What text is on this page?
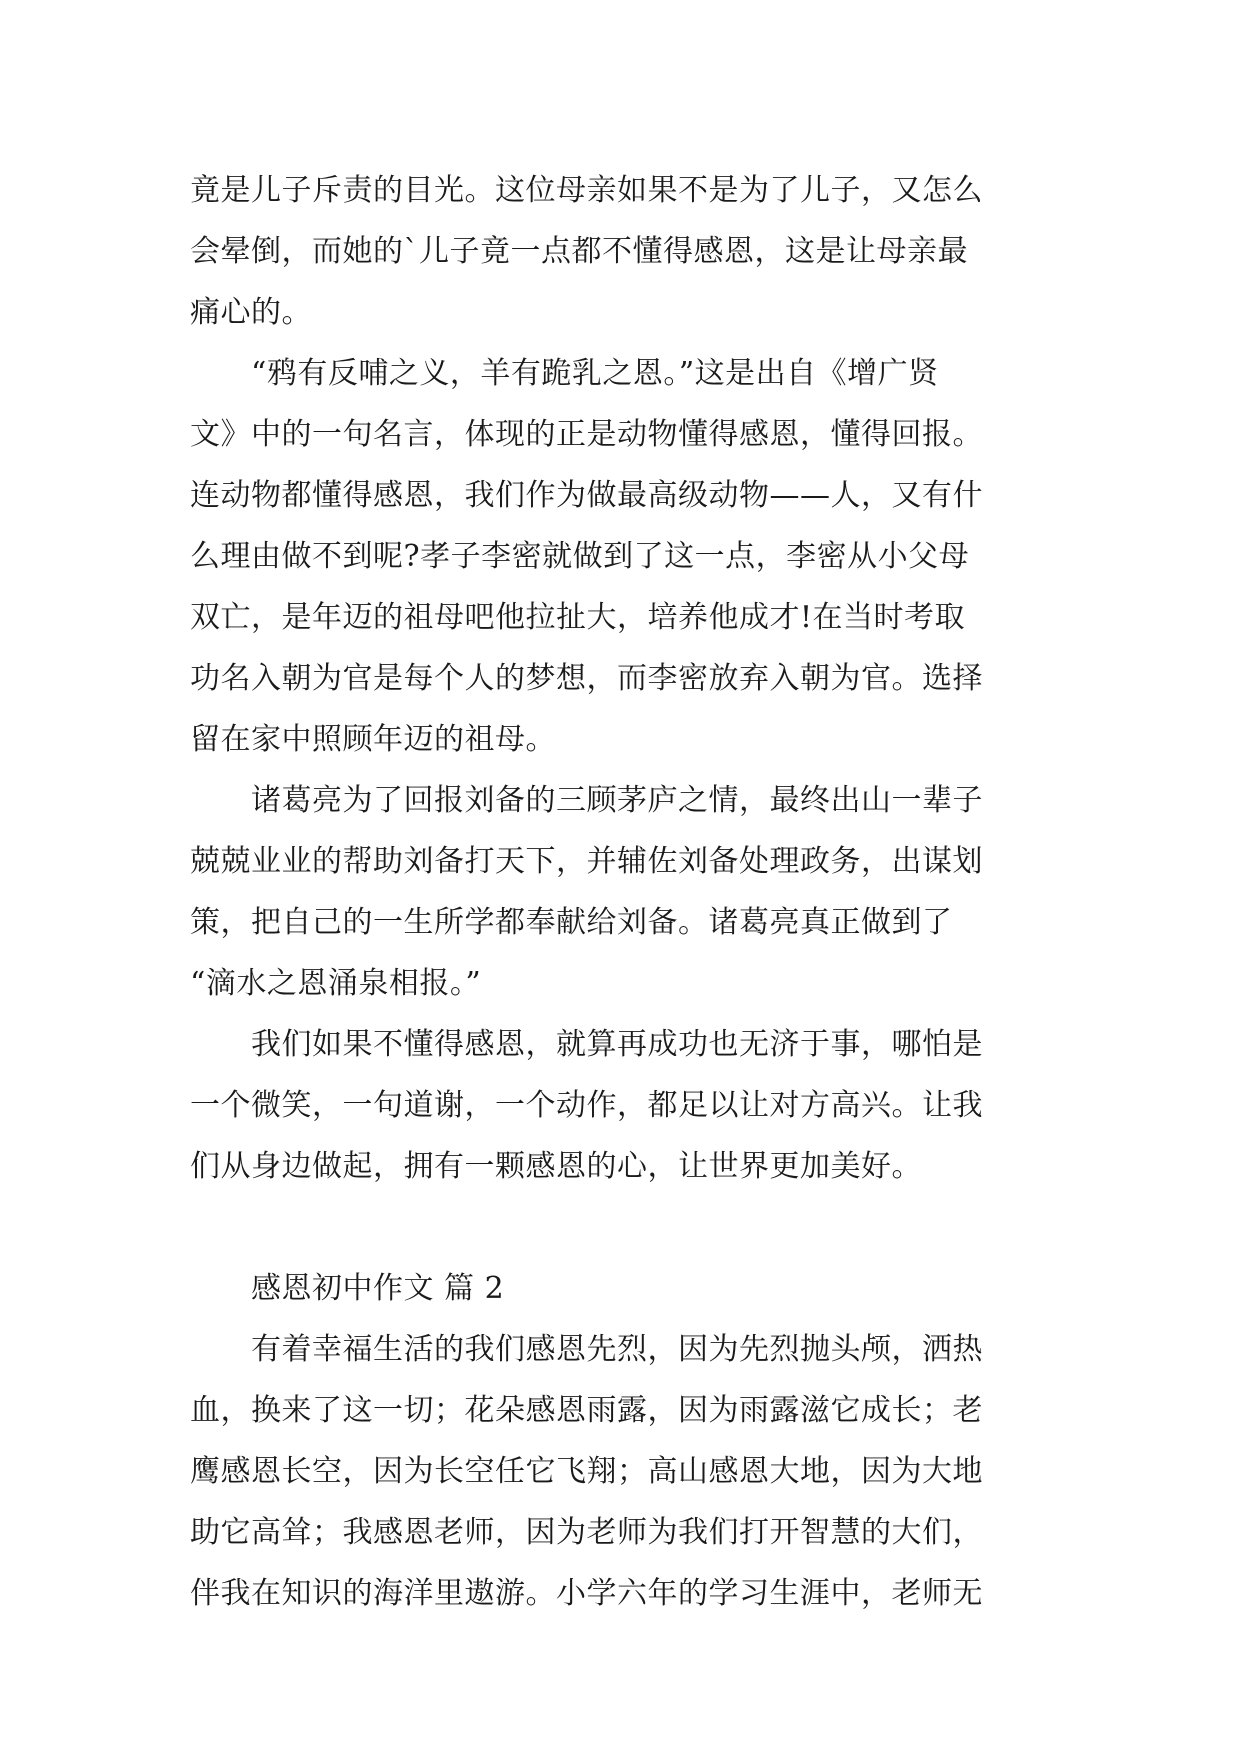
竟是儿子斥责的目光。这位母亲如果不是为了儿子，又怎么
会晕倒，而她的`儿子竟一点都不懂得感恩，这是让母亲最
痛心的。
　　“鸦有反哺之义，羊有跪乳之恩。”这是出自《增广贤
文》中的一句名言，体现的正是动物懂得感恩，懂得回报。
连动物都懂得感恩，我们作为做最高级动物——人，又有什
么理由做不到呢?孝子李密就做到了这一点，李密从小父母
双亡，是年迈的祖母吧他拉扯大，培养他成才!在当时考取
功名入朝为官是每个人的梦想，而李密放弃入朝为官。选择
留在家中照顾年迈的祖母。
　　诸葛亮为了回报刘备的三顾茅庐之情，最终出山一辈子
兢兢业业的帮助刘备打天下，并辅佐刘备处理政务，出谋划
策，把自己的一生所学都奉献给刘备。诸葛亮真正做到了
“滴水之恩涌泉相报。”
　　我们如果不懂得感恩，就算再成功也无济于事，哪怕是
一个微笑，一句道谢，一个动作，都足以让对方高兴。让我
们从身边做起，拥有一颗感恩的心，让世界更加美好。
　　感恩初中作文 篇 2
　　有着幸福生活的我们感恩先烈，因为先烈抛头颅，洒热
血，换来了这一切；花朵感恩雨露，因为雨露滋它成长；老
鹰感恩长空，因为长空任它飞翔；高山感恩大地，因为大地
助它高耸；我感恩老师，因为老师为我们打开智慧的大们，
伴我在知识的海洋里遨游。小学六年的学习生涯中，老师无
